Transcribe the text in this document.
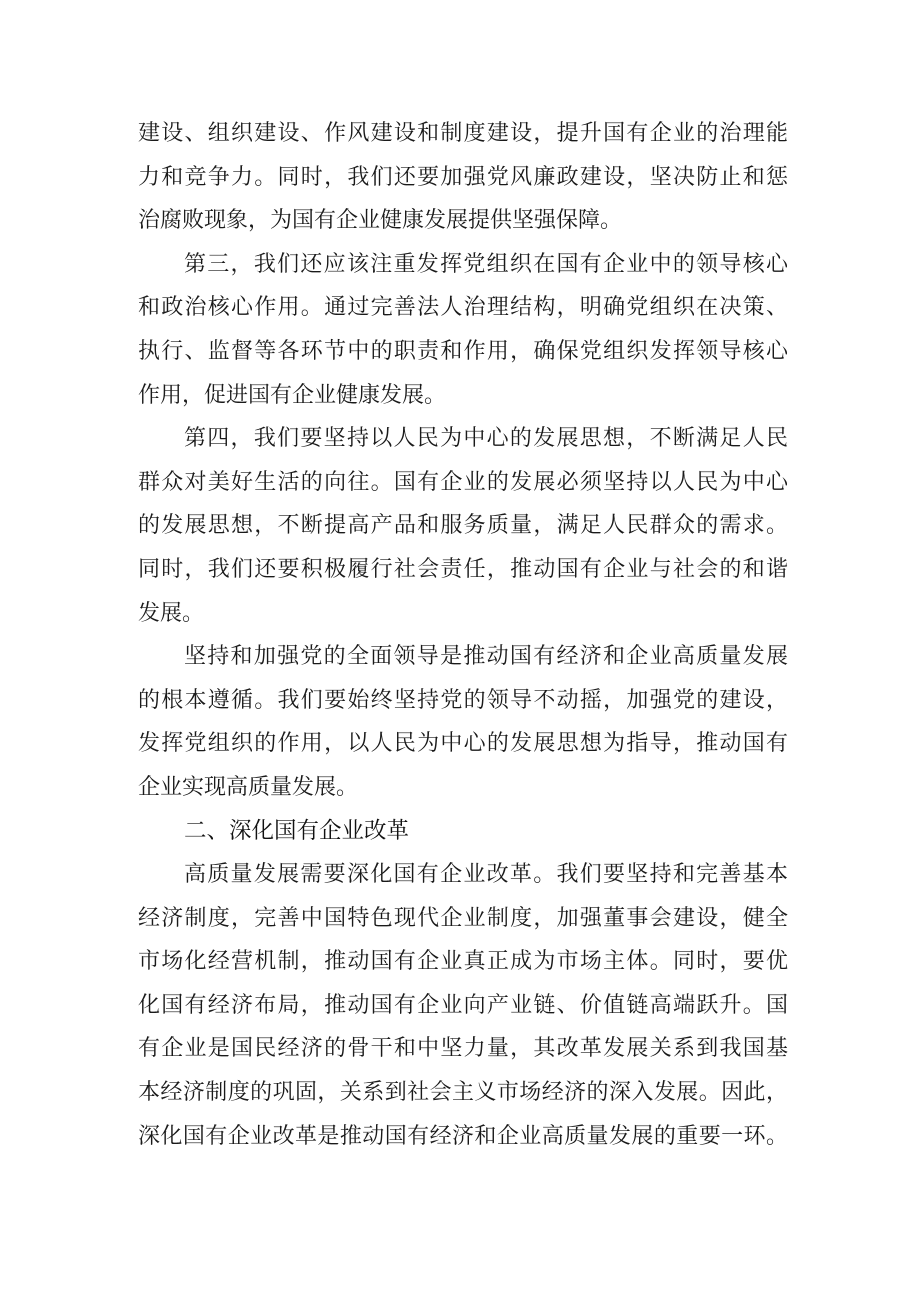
建设、组织建设、作风建设和制度建设，提升国有企业的治理能
力和竞争力。同时，我们还要加强党风廉政建设，坚决防止和惩
治腐败现象，为国有企业健康发展提供坚强保障。
第三，我们还应该注重发挥党组织在国有企业中的领导核心
和政治核心作用。通过完善法人治理结构，明确党组织在决策、
执行、监督等各环节中的职责和作用，确保党组织发挥领导核心
作用，促进国有企业健康发展。
第四，我们要坚持以人民为中心的发展思想，不断满足人民
群众对美好生活的向往。国有企业的发展必须坚持以人民为中心
的发展思想，不断提高产品和服务质量，满足人民群众的需求。
同时，我们还要积极履行社会责任，推动国有企业与社会的和谐
发展。
坚持和加强党的全面领导是推动国有经济和企业高质量发展
的根本遵循。我们要始终坚持党的领导不动摇，加强党的建设，
发挥党组织的作用，以人民为中心的发展思想为指导，推动国有
企业实现高质量发展。
二、深化国有企业改革
高质量发展需要深化国有企业改革。我们要坚持和完善基本
经济制度，完善中国特色现代企业制度，加强董事会建设，健全
市场化经营机制，推动国有企业真正成为市场主体。同时，要优
化国有经济布局，推动国有企业向产业链、价值链高端跃升。国
有企业是国民经济的骨干和中坚力量，其改革发展关系到我国基
本经济制度的巩固，关系到社会主义市场经济的深入发展。因此，
深化国有企业改革是推动国有经济和企业高质量发展的重要一环。
